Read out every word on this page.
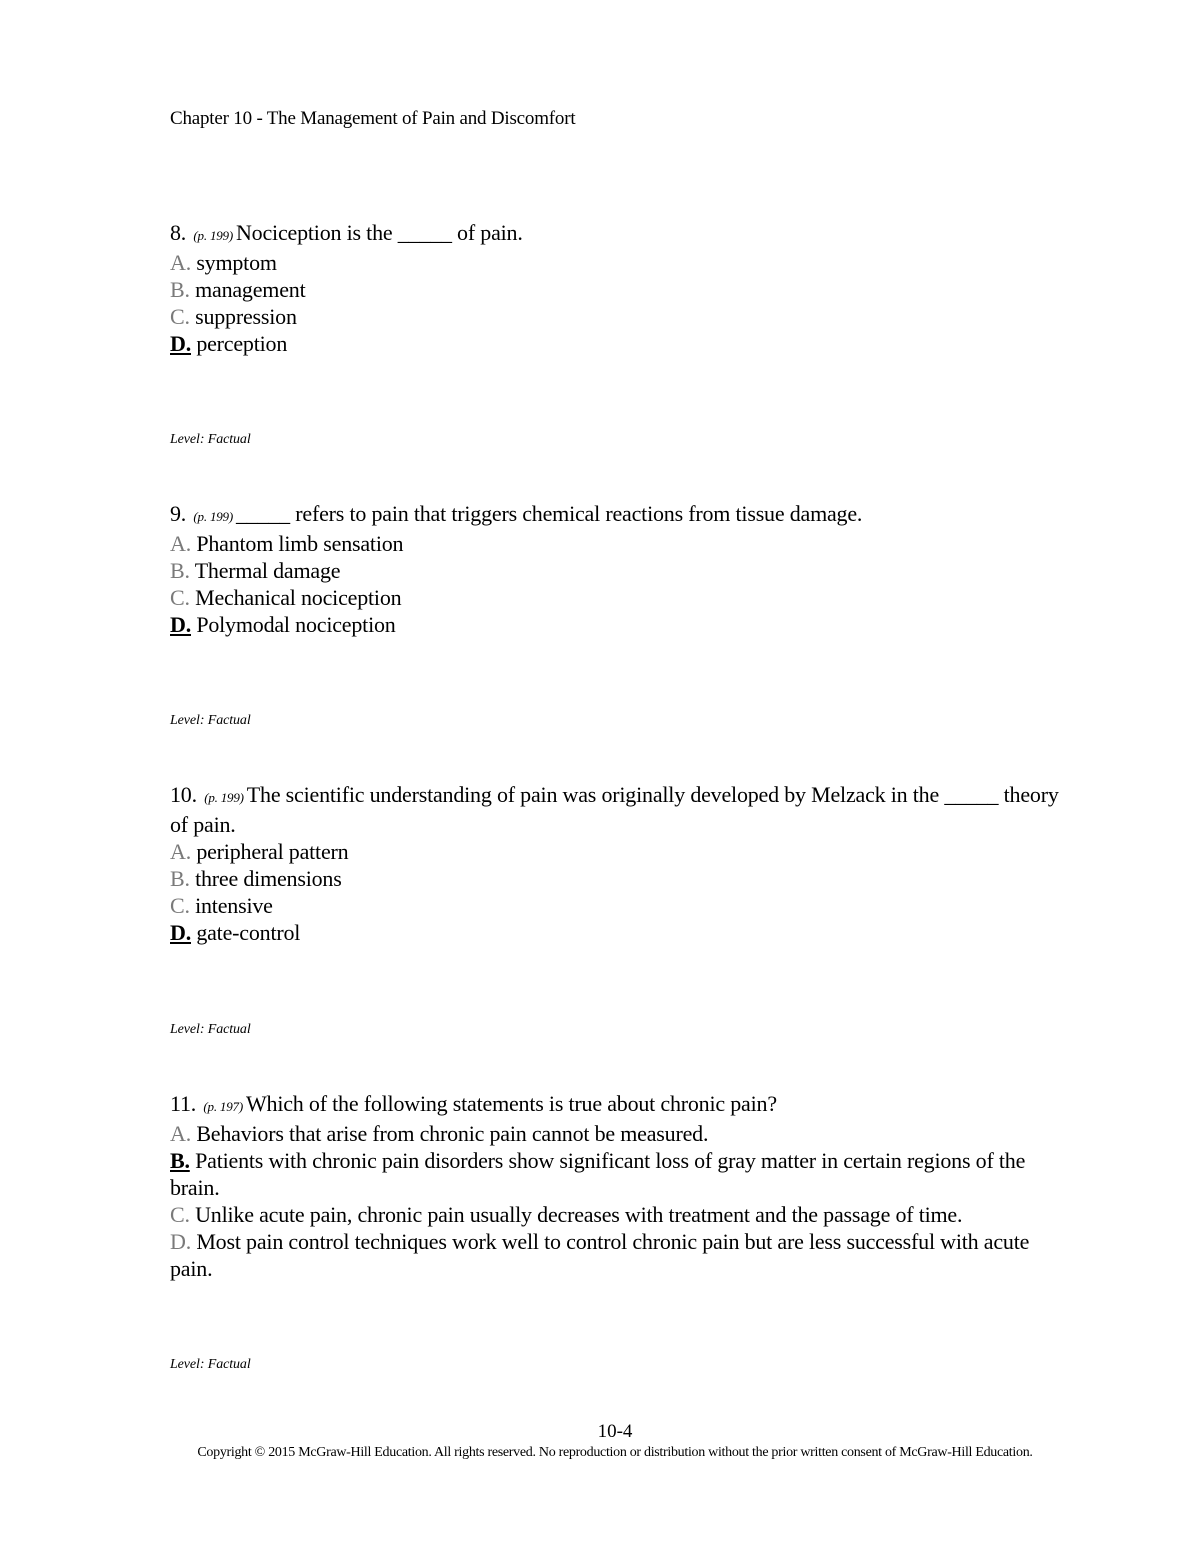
Chapter 10 - The Management of Pain and Discomfort
8. (p. 199) Nociception is the _____ of pain.
A. symptom
B. management
C. suppression
D. perception
Level: Factual
9. (p. 199) _____ refers to pain that triggers chemical reactions from tissue damage.
A. Phantom limb sensation
B. Thermal damage
C. Mechanical nociception
D. Polymodal nociception
Level: Factual
10. (p. 199) The scientific understanding of pain was originally developed by Melzack in the _____ theory of pain.
A. peripheral pattern
B. three dimensions
C. intensive
D. gate-control
Level: Factual
11. (p. 197) Which of the following statements is true about chronic pain?
A. Behaviors that arise from chronic pain cannot be measured.
B. Patients with chronic pain disorders show significant loss of gray matter in certain regions of the brain.
C. Unlike acute pain, chronic pain usually decreases with treatment and the passage of time.
D. Most pain control techniques work well to control chronic pain but are less successful with acute pain.
Level: Factual
10-4
Copyright © 2015 McGraw-Hill Education. All rights reserved. No reproduction or distribution without the prior written consent of McGraw-Hill Education.
